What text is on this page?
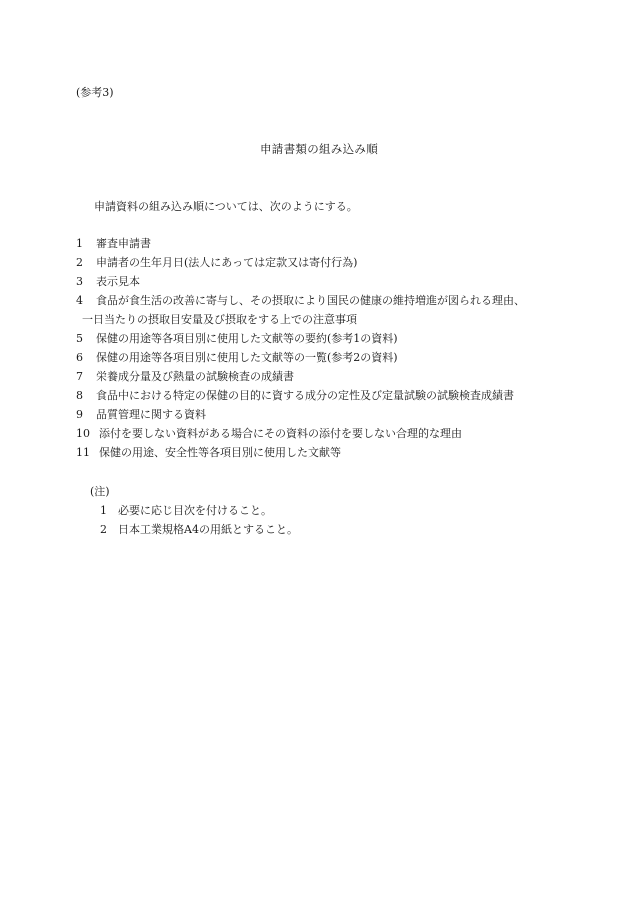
(参考3)
申請書類の組み込み順
申請資料の組み込み順については、次のようにする。
1 審査申請書
2 申請者の生年月日(法人にあっては定款又は寄付行為)
3 表示見本
4 食品が食生活の改善に寄与し、その摂取により国民の健康の維持増進が図られる理由、
一日当たりの摂取目安量及び摂取をする上での注意事項
5 保健の用途等各項目別に使用した文献等の要約(参考1の資料)
6 保健の用途等各項目別に使用した文献等の一覧(参考2の資料)
7 栄養成分量及び熱量の試験検査の成績書
8 食品中における特定の保健の目的に資する成分の定性及び定量試験の試験検査成績書
9 品質管理に関する資料
10 添付を要しない資料がある場合にその資料の添付を要しない合理的な理由
11 保健の用途、安全性等各項目別に使用した文献等
(注)
1 必要に応じ目次を付けること。
2 日本工業規格A4の用紙とすること。
